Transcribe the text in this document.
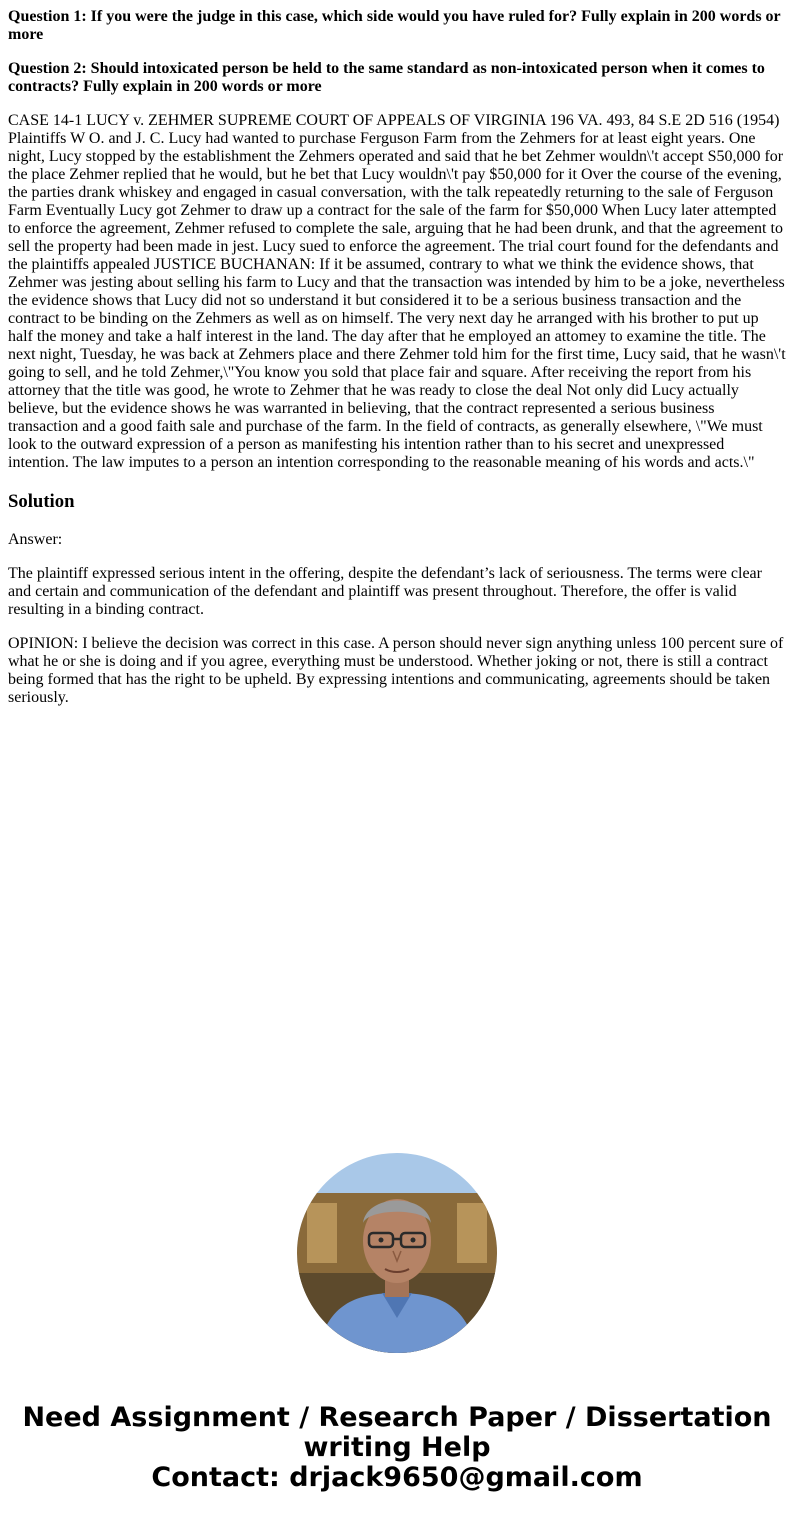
Question 1: If you were the judge in this case, which side would you have ruled for? Fully explain in 200 words or more
Question 2: Should intoxicated person be held to the same standard as non-intoxicated person when it comes to contracts? Fully explain in 200 words or more
CASE 14-1 LUCY v. ZEHMER SUPREME COURT OF APPEALS OF VIRGINIA 196 VA. 493, 84 S.E 2D 516 (1954) Plaintiffs W O. and J. C. Lucy had wanted to purchase Ferguson Farm from the Zehmers for at least eight years. One night, Lucy stopped by the establishment the Zehmers operated and said that he bet Zehmer wouldn\'t accept S50,000 for the place Zehmer replied that he would, but he bet that Lucy wouldn\'t pay $50,000 for it Over the course of the evening, the parties drank whiskey and engaged in casual conversation, with the talk repeatedly returning to the sale of Ferguson Farm Eventually Lucy got Zehmer to draw up a contract for the sale of the farm for $50,000 When Lucy later attempted to enforce the agreement, Zehmer refused to complete the sale, arguing that he had been drunk, and that the agreement to sell the property had been made in jest. Lucy sued to enforce the agreement. The trial court found for the defendants and the plaintiffs appealed JUSTICE BUCHANAN: If it be assumed, contrary to what we think the evidence shows, that Zehmer was jesting about selling his farm to Lucy and that the transaction was intended by him to be a joke, nevertheless the evidence shows that Lucy did not so understand it but considered it to be a serious business transaction and the contract to be binding on the Zehmers as well as on himself. The very next day he arranged with his brother to put up half the money and take a half interest in the land. The day after that he employed an attomey to examine the title. The next night, Tuesday, he was back at Zehmers place and there Zehmer told him for the first time, Lucy said, that he wasn\'t going to sell, and he told Zehmer,\"You know you sold that place fair and square. After receiving the report from his attorney that the title was good, he wrote to Zehmer that he was ready to close the deal Not only did Lucy actually believe, but the evidence shows he was warranted in believing, that the contract represented a serious business transaction and a good faith sale and purchase of the farm. In the field of contracts, as generally elsewhere, \"We must look to the outward expression of a person as manifesting his intention rather than to his secret and unexpressed intention. The law imputes to a person an intention corresponding to the reasonable meaning of his words and acts.\"
Solution

Answer:

The plaintiff expressed serious intent in the offering, despite the defendant’s lack of seriousness. The terms were clear and certain and communication of the defendant and plaintiff was present throughout. Therefore, the offer is valid resulting in a binding contract.

OPINION: I believe the decision was correct in this case. A person should never sign anything unless 100 percent sure of what he or she is doing and if you agree, everything must be understood. Whether joking or not, there is still a contract being formed that has the right to be upheld. By expressing intentions and communicating, agreements should be taken seriously.

Need Assignment / Research Paper / Dissertation
writing Help
Contact: drjack9650@gmail.com
